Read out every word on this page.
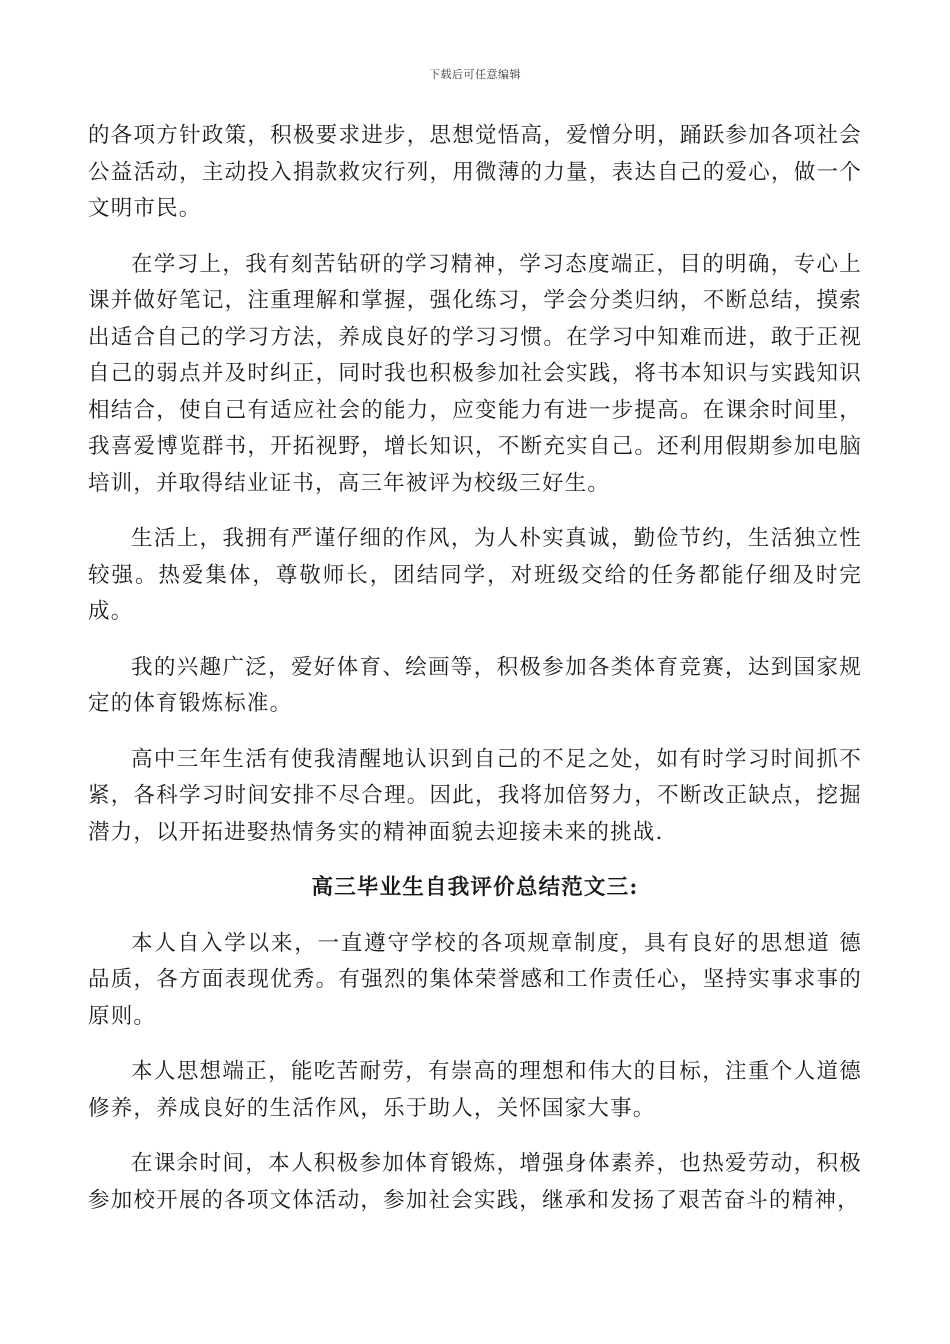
下载后可任意编辑

的各项方针政策，积极要求进步，思想觉悟高，爱憎分明，踊跃参加各项社会公益活动，主动投入捐款救灾行列，用微薄的力量，表达自己的爱心，做一个文明市民。

在学习上，我有刻苦钻研的学习精神，学习态度端正，目的明确，专心上课并做好笔记，注重理解和掌握，强化练习，学会分类归纳，不断总结，摸索出适合自己的学习方法，养成良好的学习习惯。在学习中知难而进，敢于正视自己的弱点并及时纠正，同时我也积极参加社会实践，将书本知识与实践知识相结合，使自己有适应社会的能力，应变能力有进一步提高。在课余时间里，我喜爱博览群书，开拓视野，增长知识，不断充实自己。还利用假期参加电脑培训，并取得结业证书，高三年被评为校级三好生。

生活上，我拥有严谨仔细的作风，为人朴实真诚，勤俭节约，生活独立性较强。热爱集体，尊敬师长，团结同学，对班级交给的任务都能仔细及时完成。

我的兴趣广泛，爱好体育、绘画等，积极参加各类体育竞赛，达到国家规定的体育锻炼标准。

高中三年生活有使我清醒地认识到自己的不足之处，如有时学习时间抓不紧，各科学习时间安排不尽合理。因此，我将加倍努力，不断改正缺点，挖掘潜力，以开拓进娶热情务实的精神面貌去迎接未来的挑战.

高三毕业生自我评价总结范文三:

本人自入学以来，一直遵守学校的各项规章制度，具有良好的思想道 德品质，各方面表现优秀。有强烈的集体荣誉感和工作责任心，坚持实事求事的原则。

本人思想端正，能吃苦耐劳，有崇高的理想和伟大的目标，注重个人道德修养，养成良好的生活作风，乐于助人，关怀国家大事。

在课余时间，本人积极参加体育锻炼，增强身体素养，也热爱劳动，积极参加校开展的各项文体活动，参加社会实践，继承和发扬了艰苦奋斗的精神，
